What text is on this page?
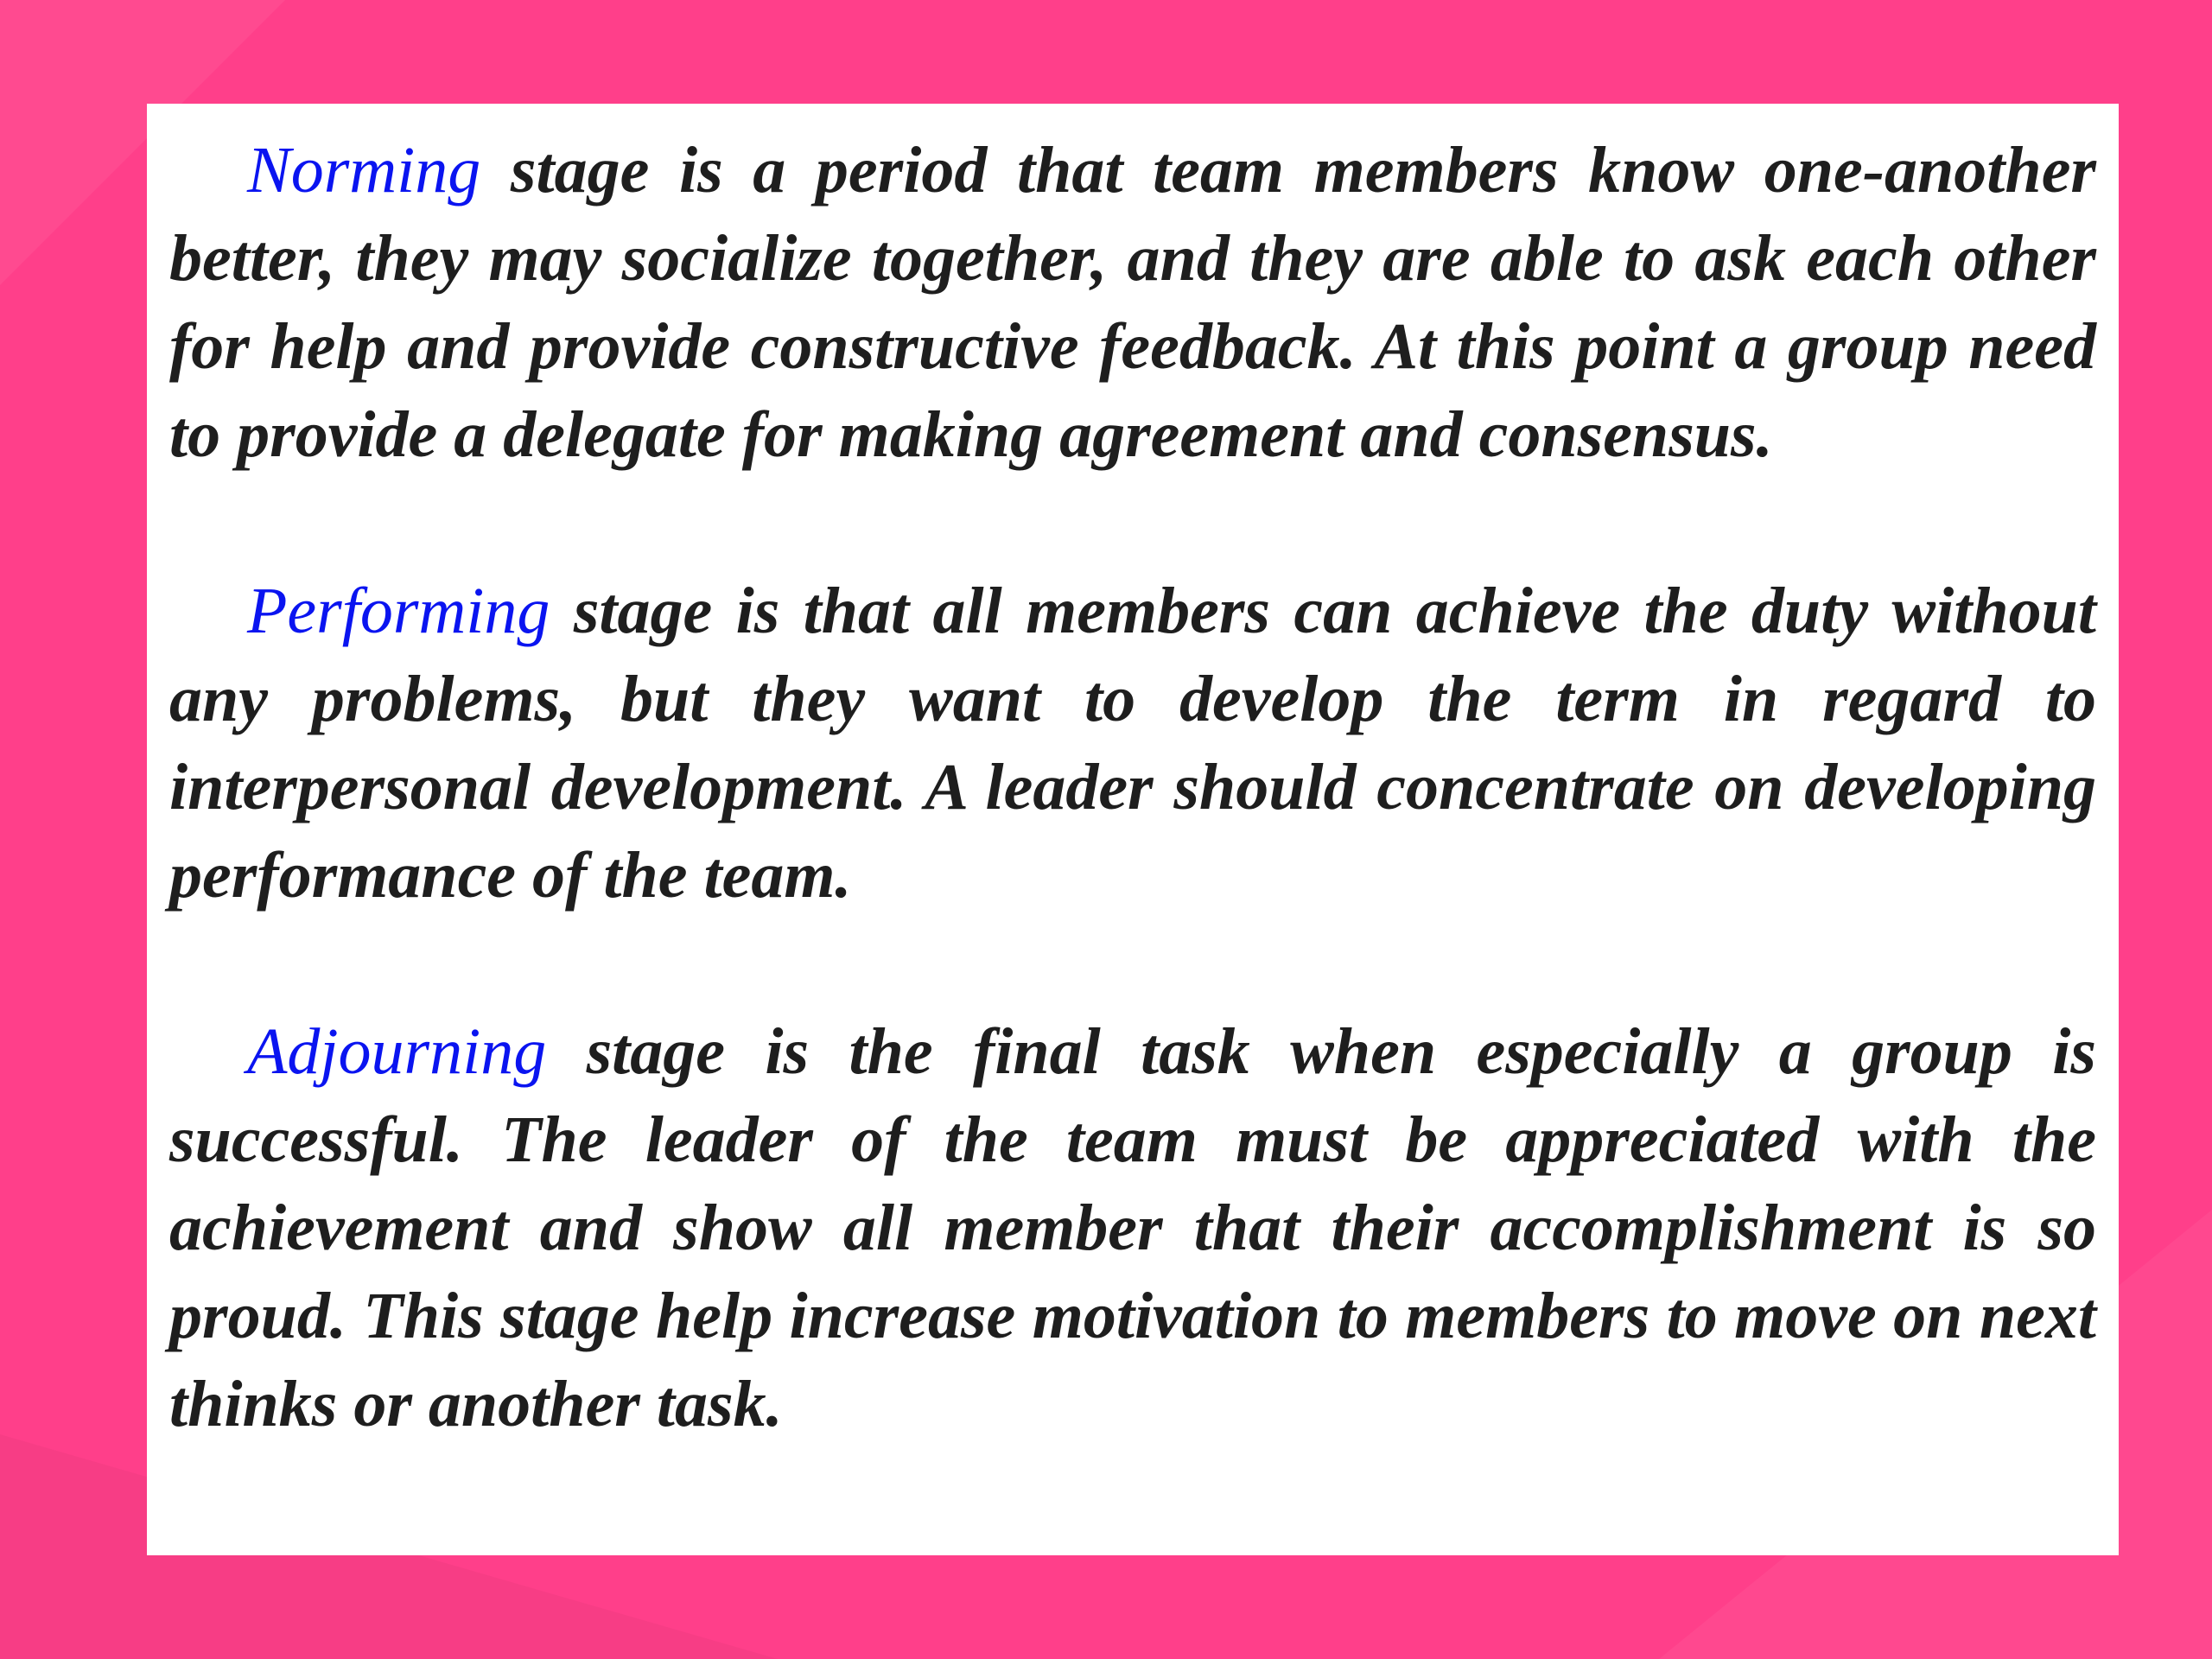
Norming stage is a period that team members know one-another better, they may socialize together, and they are able to ask each other for help and provide constructive feedback. At this point a group need to provide a delegate for making agreement and consensus.

Performing stage is that all members can achieve the duty without any problems, but they want to develop the term in regard to interpersonal development. A leader should concentrate on developing performance of the team.

Adjourning stage is the final task when especially a group is successful. The leader of the team must be appreciated with the achievement and show all member that their accomplishment is so proud. This stage help increase motivation to members to move on next thinks or another task.
